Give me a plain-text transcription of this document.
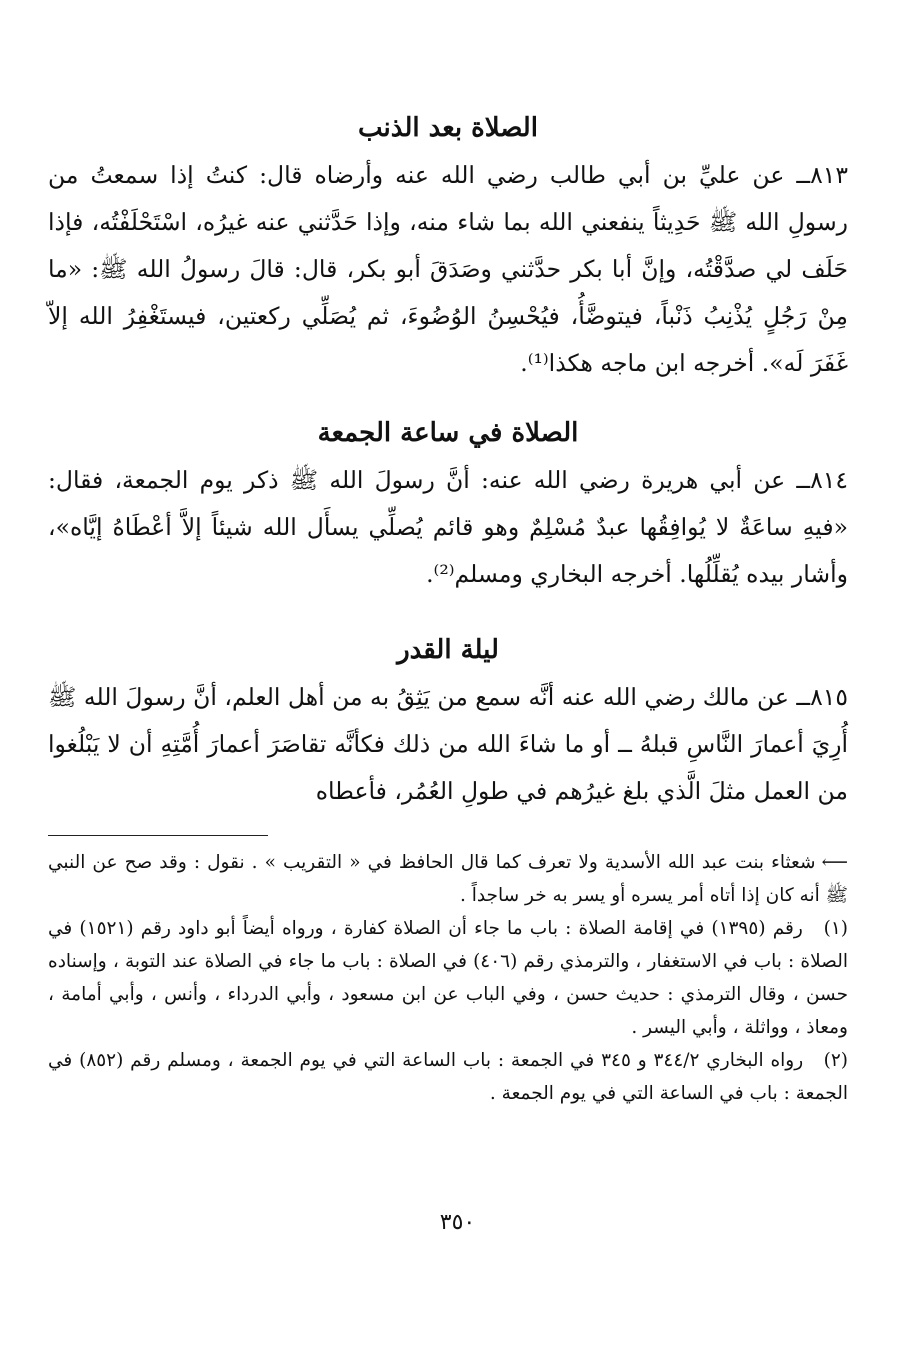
الصلاة بعد الذنب

٨١٣ــ عن عليِّ بن أبي طالب رضي الله عنه وأرضاه قال: كنتُ إذا سمعتُ من رسولِ الله ﷺ حَدِيثاً ينفعني الله بما شاء منه، وإذا حَدَّثني عنه غيرُه، اسْتَحْلَفْتُه، فإذا حَلَف لي صدَّقْتُه، وإنَّ أبا بكر حدَّثني وصَدَقَ أبو بكر، قال: قالَ رسولُ الله ﷺ: «ما مِنْ رَجُلٍ يُذْنِبُ ذَنْباً، فيتوضَّأُ، فيُحْسِنُ الوُضُوءَ، ثم يُصَلِّي ركعتين، فيستَغْفِرُ الله إلاّ غَفَرَ لَه». أخرجه ابن ماجه هكذا⁽¹⁾.

الصلاة في ساعة الجمعة

٨١٤ــ عن أبي هريرة رضي الله عنه: أنَّ رسولَ الله ﷺ ذكر يوم الجمعة، فقال: «فيهِ ساعَةٌ لا يُوافِقُها عبدٌ مُسْلِمٌ وهو قائم يُصلِّي يسأَل الله شيئاً إلاَّ أعْطَاهُ إيَّاه»، وأشار بيده يُقلِّلُها. أخرجه البخاري ومسلم⁽²⁾.

ليلة القدر

٨١٥ــ عن مالك رضي الله عنه أنَّه سمع من يَثِقُ به من أهل العلم، أنَّ رسولَ الله ﷺ أُرِيَ أعمارَ النَّاسِ قبلهُ ــ أو ما شاءَ الله من ذلك فكأنَّه تقاصَرَ أعمارَ أُمَّتِهِ أن لا يَبْلُغوا من العمل مثلَ الَّذي بلغ غيرُهم في طولِ العُمُر، فأعطاه

⟵شعثاء بنت عبد الله الأسدية ولا تعرف كما قال الحافظ في « التقريب » . نقول : وقد صح عن النبي ﷺ أنه كان إذا أتاه أمر يسره أو يسر به خر ساجداً .

(١) رقم (١٣٩٥) في إقامة الصلاة : باب ما جاء أن الصلاة كفارة ، ورواه أيضاً أبو داود رقم (١٥٢١) في الصلاة : باب في الاستغفار ، والترمذي رقم (٤٠٦) في الصلاة : باب ما جاء في الصلاة عند التوبة ، وإسناده حسن ، وقال الترمذي : حديث حسن ، وفي الباب عن ابن مسعود ، وأبي الدرداء ، وأنس ، وأبي أمامة ، ومعاذ ، وواثلة ، وأبي اليسر .

(٢) رواه البخاري ٣٤٤/٢ و ٣٤٥ في الجمعة : باب الساعة التي في يوم الجمعة ، ومسلم رقم (٨٥٢) في الجمعة : باب في الساعة التي في يوم الجمعة .

٣٥٠
